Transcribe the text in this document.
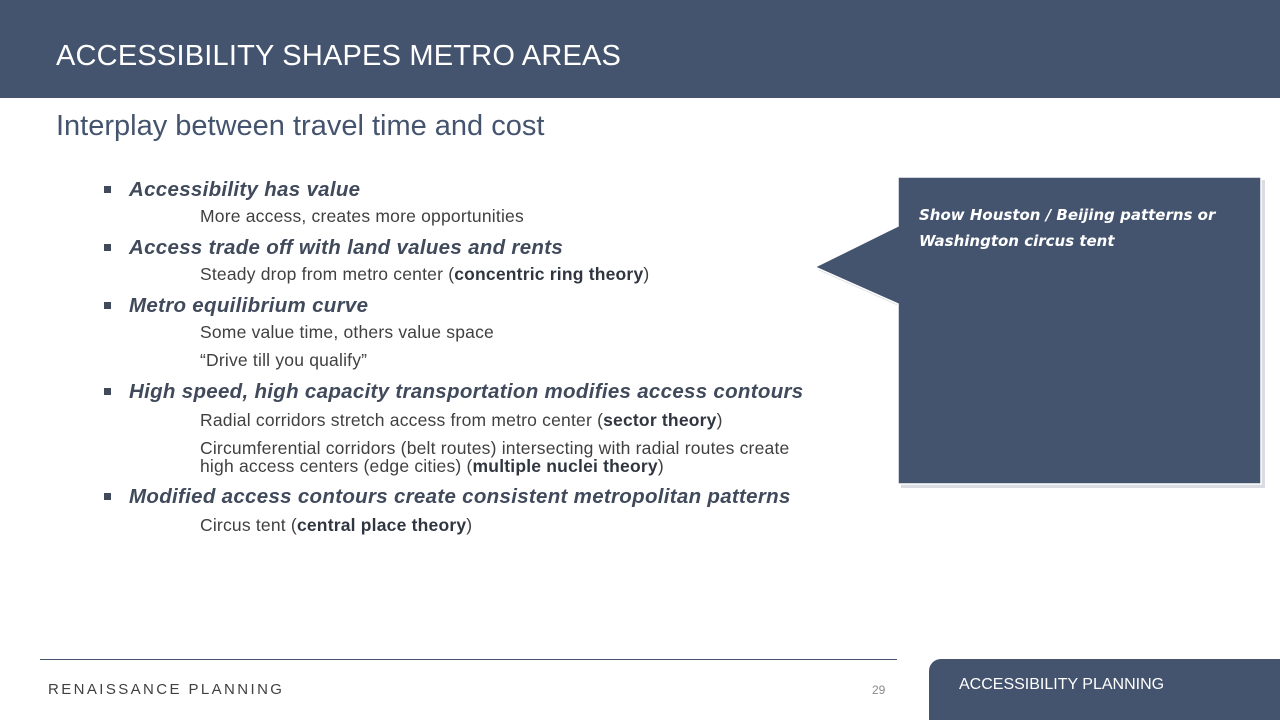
ACCESSIBILITY SHAPES METRO AREAS
Interplay between travel time and cost
Accessibility has value
More access, creates more opportunities
Access trade off with land values and rents
Steady drop from metro center (concentric ring theory)
Metro equilibrium curve
Some value time, others value space
“Drive till you qualify”
High speed, high capacity transportation modifies access contours
Radial corridors stretch access from metro center (sector theory)
Circumferential corridors (belt routes) intersecting with radial routes create high access centers (edge cities) (multiple nuclei theory)
Modified access contours create consistent metropolitan patterns
Circus tent (central place theory)
Show Houston / Beijing patterns or Washington circus tent
RENAISSANCE PLANNING	29	ACCESSIBILITY PLANNING
